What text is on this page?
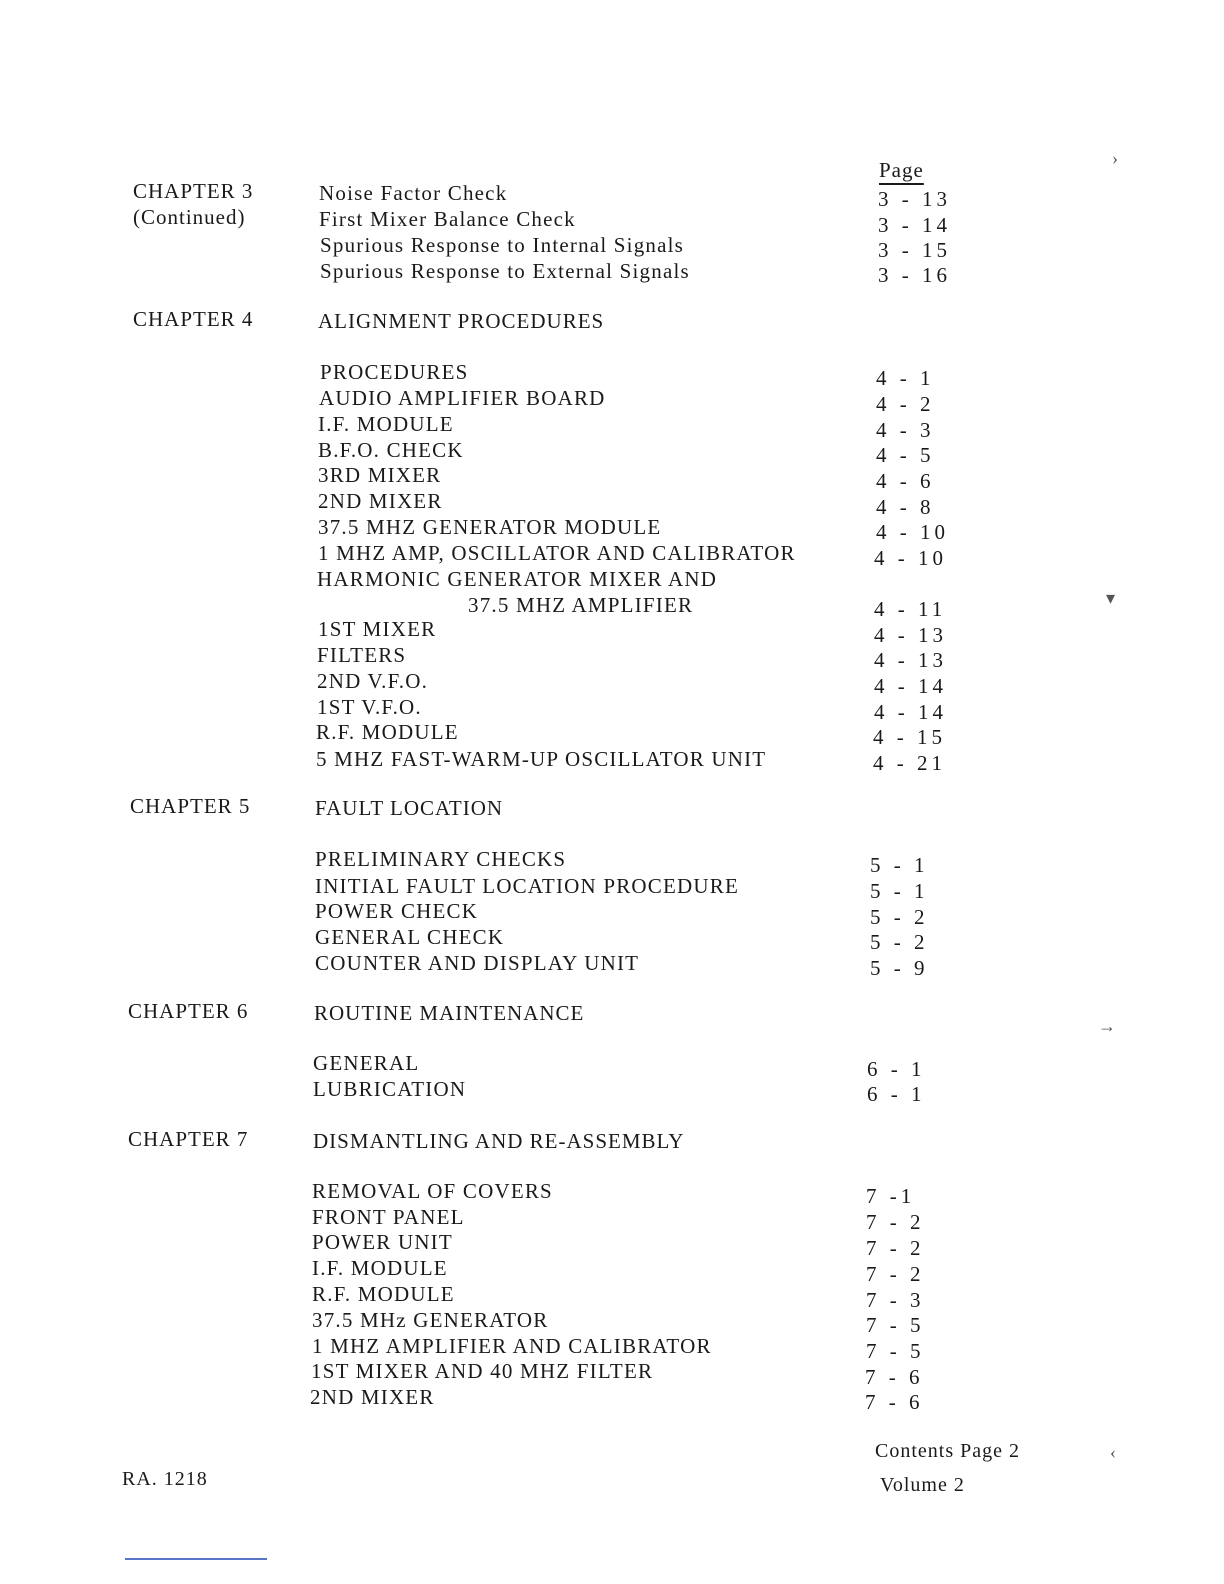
Page
CHAPTER 3
(Continued)
Noise Factor Check	3 - 13
First Mixer Balance Check	3 - 14
Spurious Response to Internal Signals	3 - 15
Spurious Response to External Signals	3 - 16
CHAPTER 4	ALIGNMENT PROCEDURES
PROCEDURES	4 - 1
AUDIO AMPLIFIER BOARD	4 - 2
I.F. MODULE	4 - 3
B.F.O. CHECK	4 - 5
3RD MIXER	4 - 6
2ND MIXER	4 - 8
37.5 MHZ GENERATOR MODULE	4 - 10
1 MHZ AMP, OSCILLATOR AND CALIBRATOR	4 - 10
HARMONIC GENERATOR MIXER AND
37.5 MHZ AMPLIFIER	4 - 11
1ST MIXER	4 - 13
FILTERS	4 - 13
2ND V.F.O.	4 - 14
1ST V.F.O.	4 - 14
R.F. MODULE	4 - 15
5 MHZ FAST-WARM-UP OSCILLATOR UNIT	4 - 21
CHAPTER 5	FAULT LOCATION
PRELIMINARY CHECKS	5 - 1
INITIAL FAULT LOCATION PROCEDURE	5 - 1
POWER CHECK	5 - 2
GENERAL CHECK	5 - 2
COUNTER AND DISPLAY UNIT	5 - 9
CHAPTER 6	ROUTINE MAINTENANCE
GENERAL	6 - 1
LUBRICATION	6 - 1
CHAPTER 7	DISMANTLING AND RE-ASSEMBLY
REMOVAL OF COVERS	7 -1
FRONT PANEL	7 - 2
POWER UNIT	7 - 2
I.F. MODULE	7 - 2
R.F. MODULE	7 - 3
37.5 MHz GENERATOR	7 - 5
1 MHZ AMPLIFIER AND CALIBRATOR	7 - 5
1ST MIXER AND 40 MHZ FILTER	7 - 6
2ND MIXER	7 - 6
Contents Page 2
Volume 2
RA. 1218
›
▾
→
‹
